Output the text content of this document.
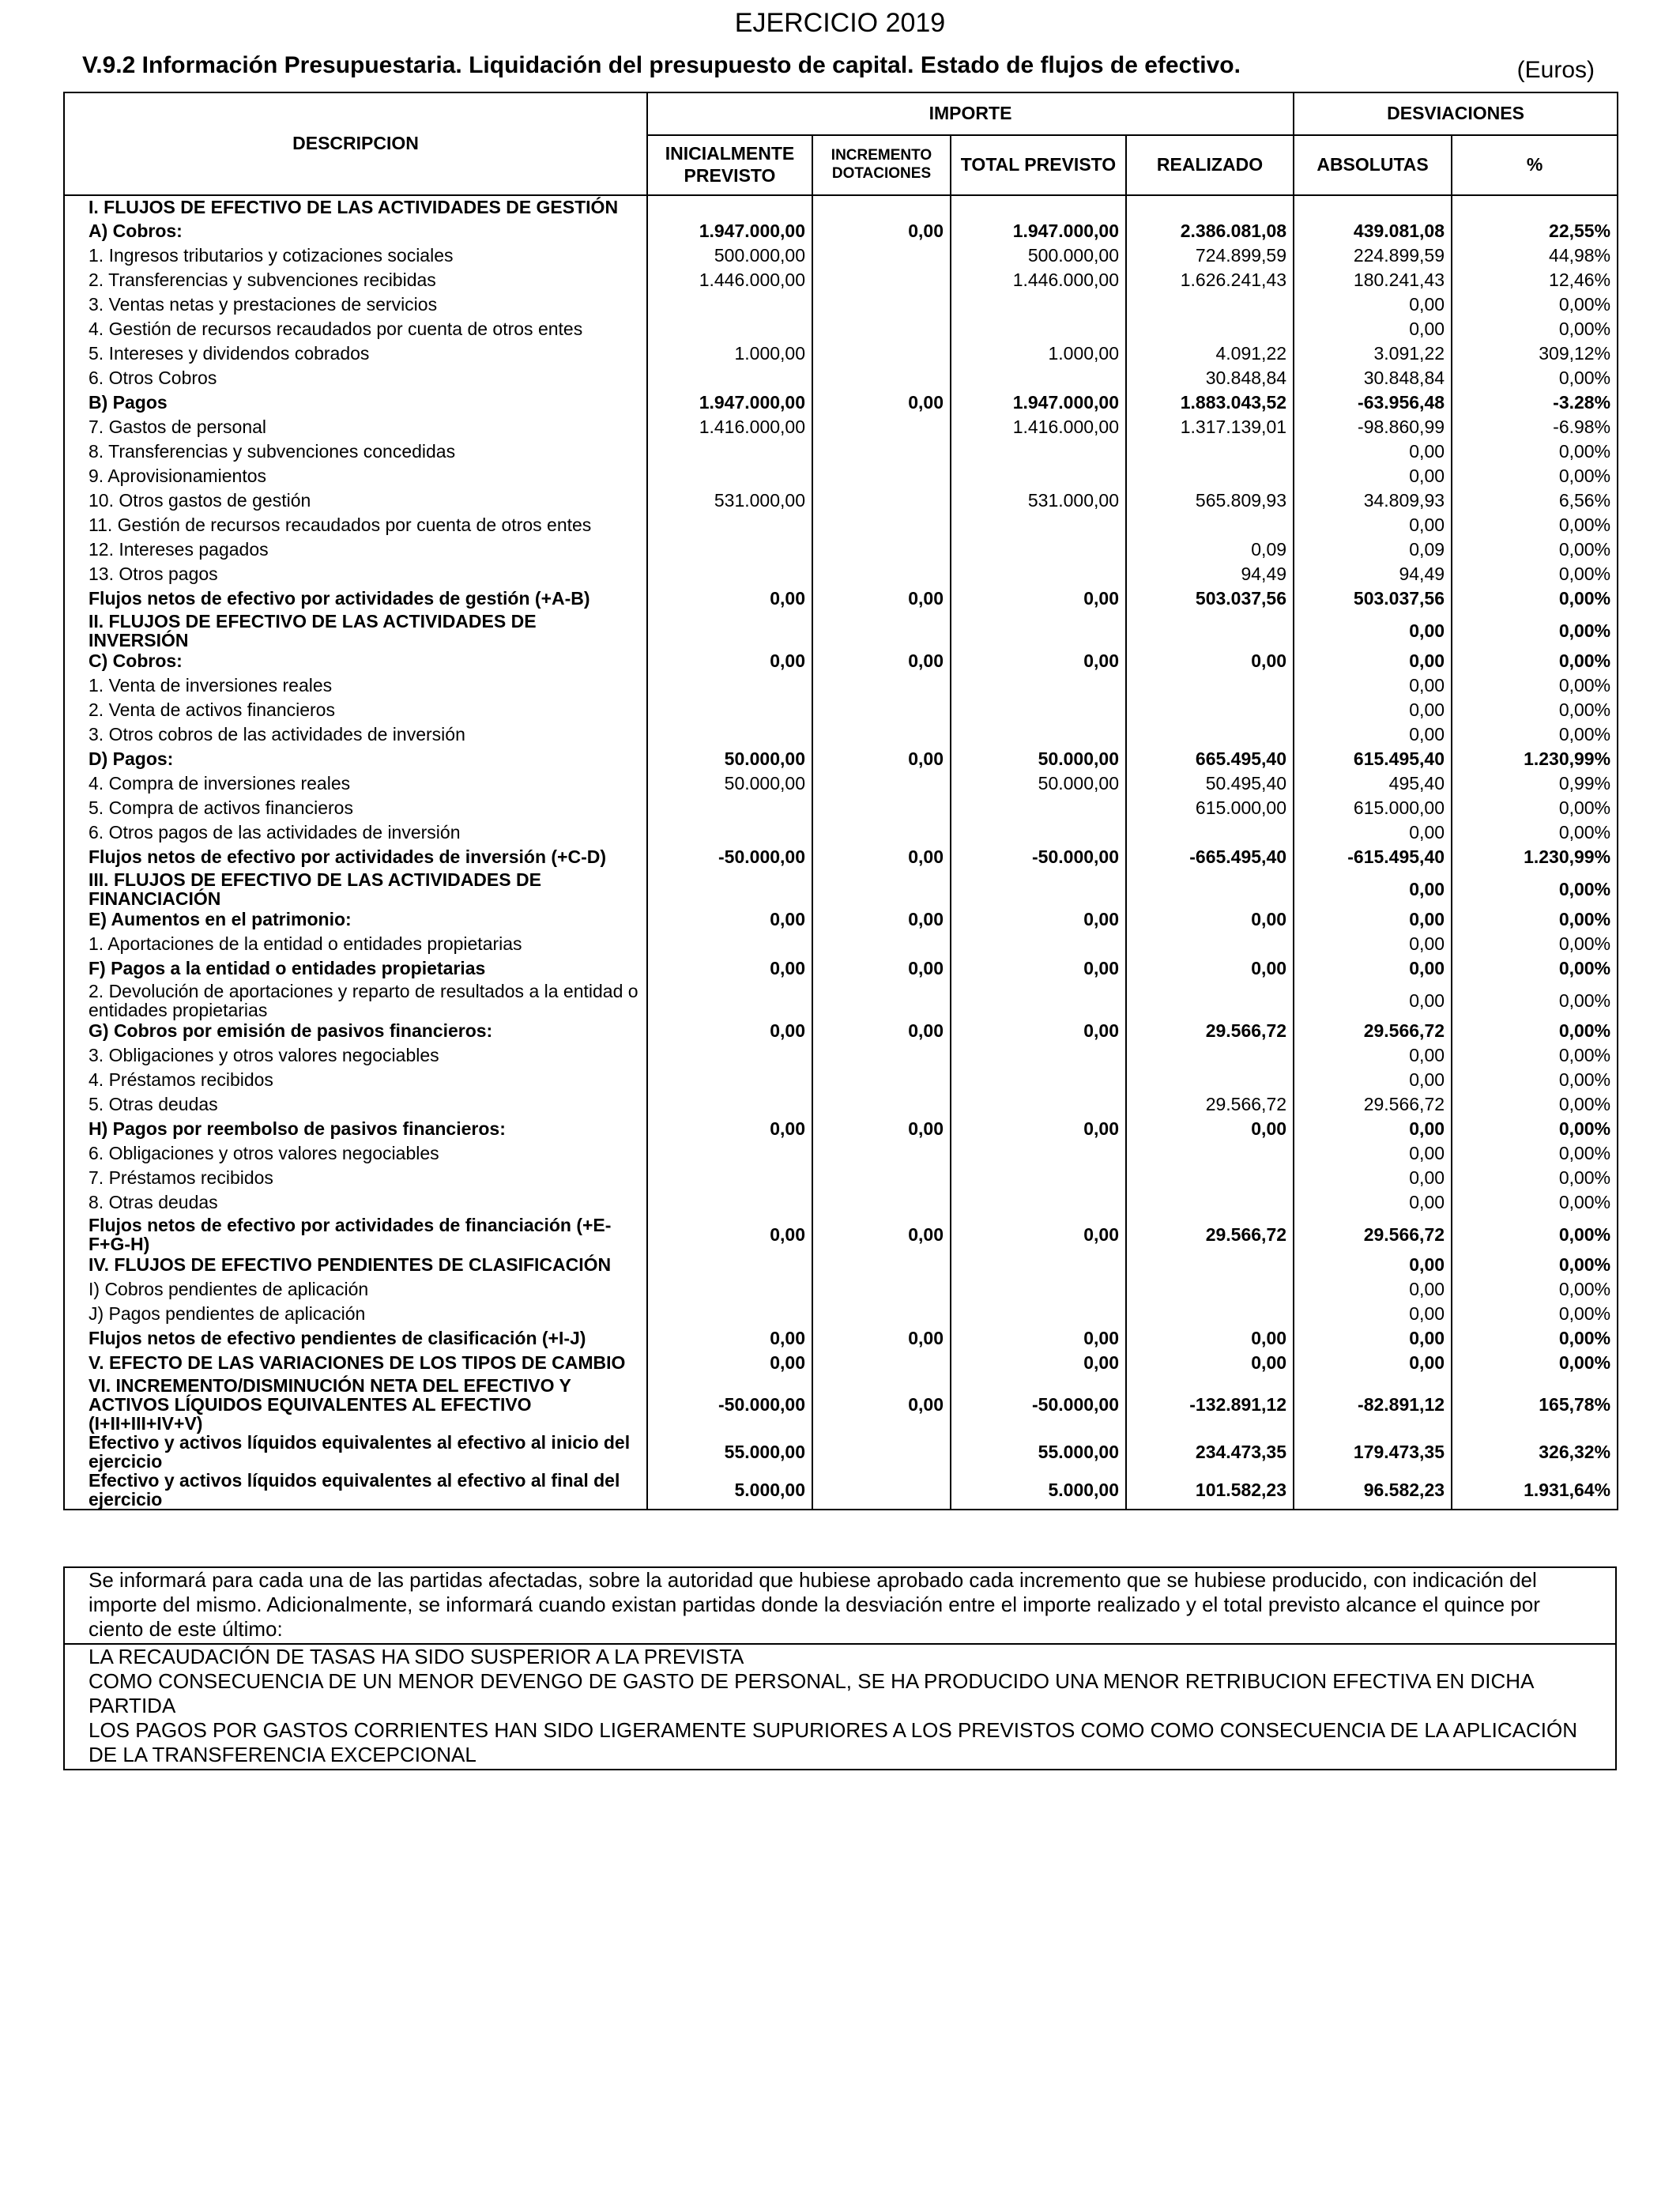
EJERCICIO 2019
V.9.2 Información Presupuestaria. Liquidación del presupuesto de capital. Estado de flujos de efectivo.	(Euros)
DESCRIPCION	IMPORTE				DESVIACIONES	
	INICIALMENTE PREVISTO	INCREMENTO DOTACIONES	TOTAL PREVISTO	REALIZADO	ABSOLUTAS	%
I. FLUJOS DE EFECTIVO DE LAS ACTIVIDADES DE GESTIÓN						
A) Cobros:	1.947.000,00	0,00	1.947.000,00	2.386.081,08	439.081,08	22,55%
1. Ingresos tributarios y cotizaciones sociales	500.000,00		500.000,00	724.899,59	224.899,59	44,98%
2. Transferencias y subvenciones recibidas	1.446.000,00		1.446.000,00	1.626.241,43	180.241,43	12,46%
3. Ventas netas y prestaciones de servicios					0,00	0,00%
4. Gestión de recursos recaudados por cuenta de otros entes					0,00	0,00%
5. Intereses y dividendos cobrados	1.000,00		1.000,00	4.091,22	3.091,22	309,12%
6. Otros Cobros				30.848,84	30.848,84	0,00%
B) Pagos	1.947.000,00	0,00	1.947.000,00	1.883.043,52	-63.956,48	-3.28%
7. Gastos de personal	1.416.000,00		1.416.000,00	1.317.139,01	-98.860,99	-6.98%
8. Transferencias y subvenciones concedidas					0,00	0,00%
9. Aprovisionamientos					0,00	0,00%
10. Otros gastos de gestión	531.000,00		531.000,00	565.809,93	34.809,93	6,56%
11. Gestión de recursos recaudados por cuenta de otros entes					0,00	0,00%
12. Intereses pagados				0,09	0,09	0,00%
13. Otros pagos				94,49	94,49	0,00%
Flujos netos de efectivo por actividades de gestión (+A-B)	0,00	0,00	0,00	503.037,56	503.037,56	0,00%
II. FLUJOS DE EFECTIVO DE LAS ACTIVIDADES DE INVERSIÓN					0,00	0,00%
C) Cobros:	0,00	0,00	0,00	0,00	0,00	0,00%
1. Venta de inversiones reales					0,00	0,00%
2. Venta de activos financieros					0,00	0,00%
3. Otros cobros de las actividades de inversión					0,00	0,00%
D) Pagos:	50.000,00	0,00	50.000,00	665.495,40	615.495,40	1.230,99%
4. Compra de inversiones reales	50.000,00		50.000,00	50.495,40	495,40	0,99%
5. Compra de activos financieros				615.000,00	615.000,00	0,00%
6. Otros pagos de las actividades de inversión					0,00	0,00%
Flujos netos de efectivo por actividades de inversión (+C-D)	-50.000,00	0,00	-50.000,00	-665.495,40	-615.495,40	1.230,99%
III. FLUJOS DE EFECTIVO DE LAS ACTIVIDADES DE FINANCIACIÓN					0,00	0,00%
E) Aumentos en el patrimonio:	0,00	0,00	0,00	0,00	0,00	0,00%
1. Aportaciones de la entidad o entidades propietarias					0,00	0,00%
F) Pagos a la entidad o entidades propietarias	0,00	0,00	0,00	0,00	0,00	0,00%
2. Devolución de aportaciones y reparto de resultados a la entidad o entidades propietarias					0,00	0,00%
G) Cobros por emisión de pasivos financieros:	0,00	0,00	0,00	29.566,72	29.566,72	0,00%
3. Obligaciones y otros valores negociables					0,00	0,00%
4. Préstamos recibidos					0,00	0,00%
5. Otras deudas				29.566,72	29.566,72	0,00%
H) Pagos por reembolso de pasivos financieros:	0,00	0,00	0,00	0,00	0,00	0,00%
6. Obligaciones y otros valores negociables					0,00	0,00%
7. Préstamos recibidos					0,00	0,00%
8. Otras deudas					0,00	0,00%
Flujos netos de efectivo por actividades de financiación (+E-F+G-H)	0,00	0,00	0,00	29.566,72	29.566,72	0,00%
IV. FLUJOS DE EFECTIVO PENDIENTES DE CLASIFICACIÓN					0,00	0,00%
I) Cobros pendientes de aplicación					0,00	0,00%
J) Pagos pendientes de aplicación					0,00	0,00%
Flujos netos de efectivo pendientes de clasificación (+I-J)	0,00	0,00	0,00	0,00	0,00	0,00%
V. EFECTO DE LAS VARIACIONES DE LOS TIPOS DE CAMBIO	0,00		0,00	0,00	0,00	0,00%
VI. INCREMENTO/DISMINUCIÓN NETA DEL EFECTIVO Y ACTIVOS LÍQUIDOS EQUIVALENTES AL EFECTIVO (I+II+III+IV+V)	-50.000,00	0,00	-50.000,00	-132.891,12	-82.891,12	165,78%
Efectivo y activos líquidos equivalentes al efectivo al inicio del ejercicio	55.000,00		55.000,00	234.473,35	179.473,35	326,32%
Efectivo y activos líquidos equivalentes al efectivo al final del ejercicio	5.000,00		5.000,00	101.582,23	96.582,23	1.931,64%
Se informará para cada una de las partidas afectadas, sobre la autoridad que hubiese aprobado cada incremento que se hubiese producido, con indicación del importe del mismo. Adicionalmente, se informará cuando existan partidas donde la desviación entre el importe realizado y el total previsto alcance el quince por ciento de este último:
LA RECAUDACIÓN DE TASAS HA SIDO SUSPERIOR A LA PREVISTA
COMO CONSECUENCIA DE UN MENOR DEVENGO DE GASTO DE PERSONAL, SE HA PRODUCIDO UNA MENOR RETRIBUCION EFECTIVA EN DICHA PARTIDA
LOS PAGOS POR GASTOS CORRIENTES HAN SIDO LIGERAMENTE SUPURIORES A LOS PREVISTOS COMO COMO CONSECUENCIA DE LA APLICACIÓN DE LA TRANSFERENCIA EXCEPCIONAL
